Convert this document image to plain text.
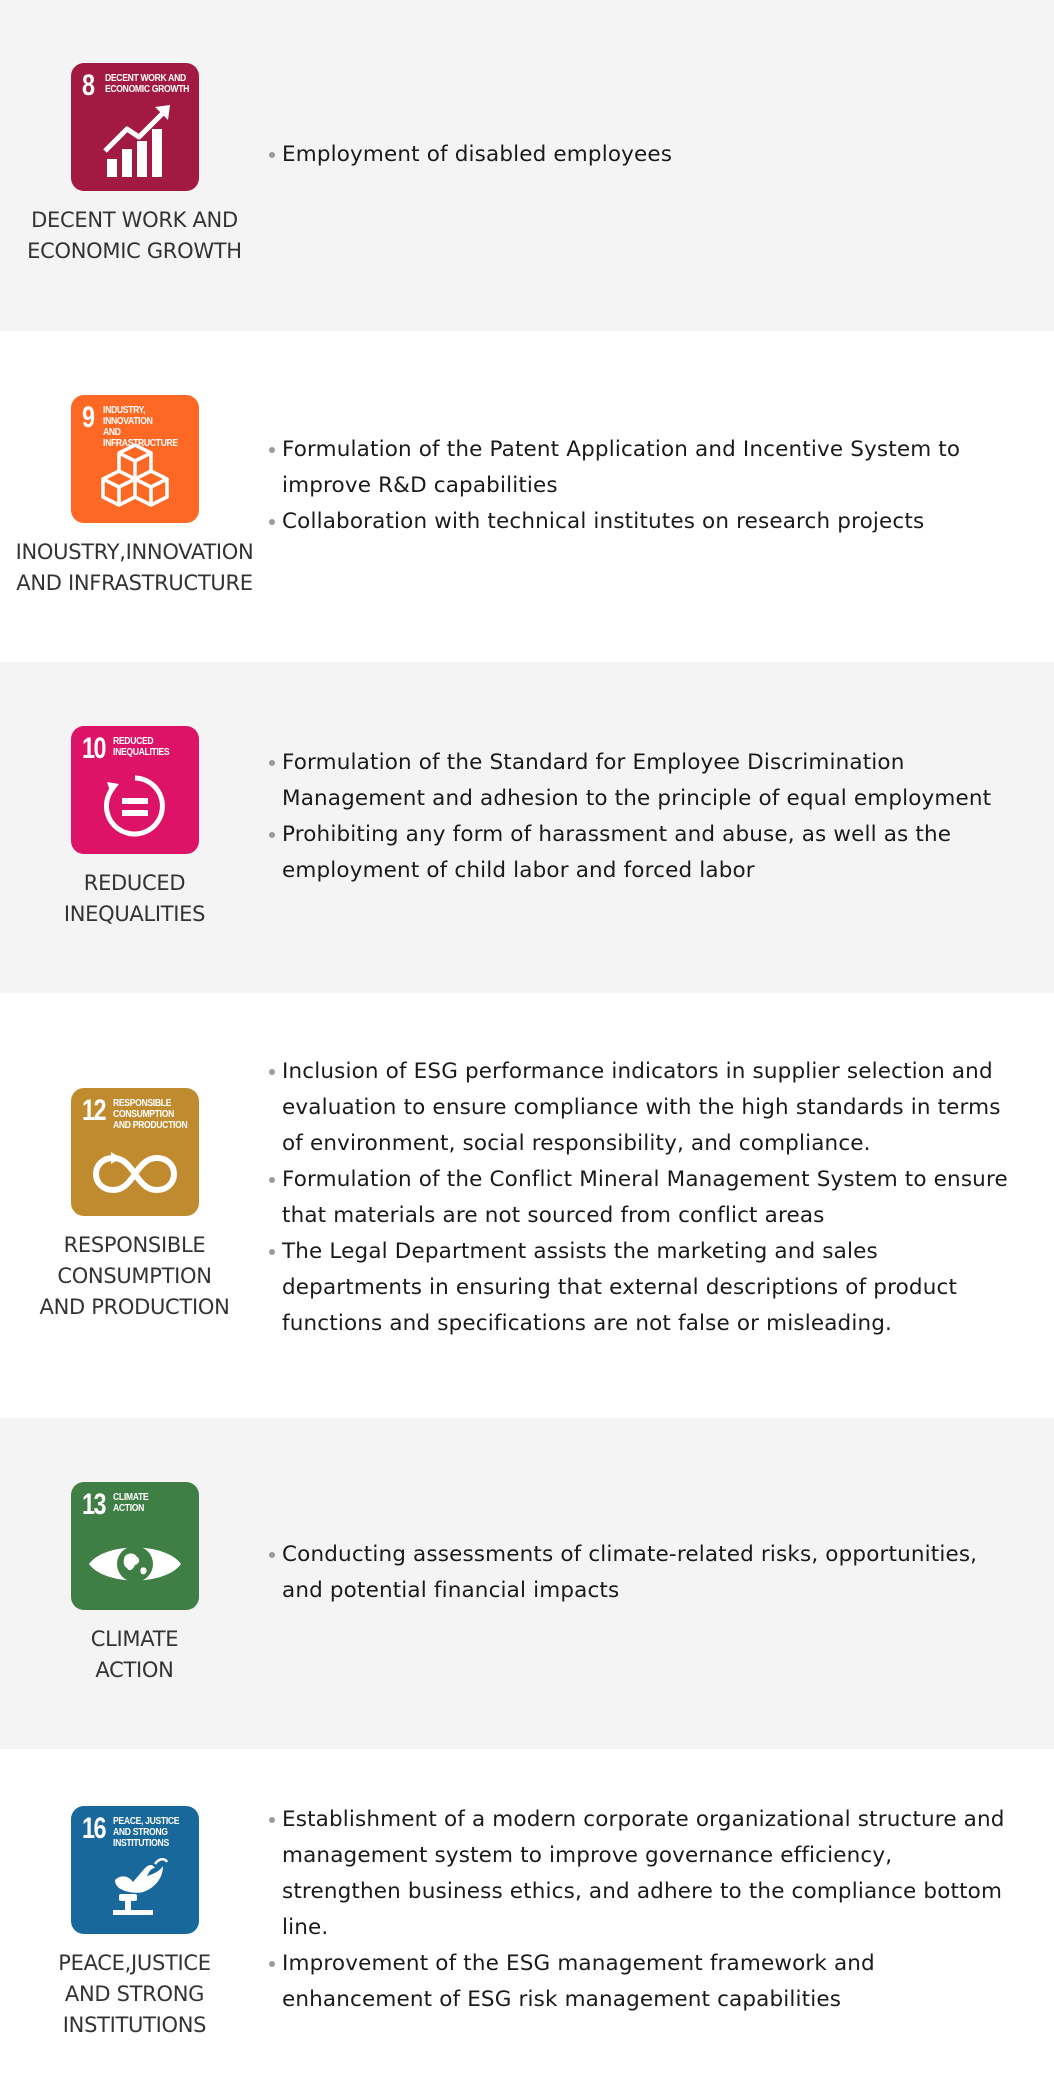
8 DECENT WORK AND
ECONOMIC GROWTH
DECENT WORK AND
ECONOMIC GROWTH
Employment of disabled employees
9 INDUSTRY, INNOVATION
AND INFRASTRUCTURE
INOUSTRY,INNOVATION
AND INFRASTRUCTURE
Formulation of the Patent Application and Incentive System to improve R&D capabilities
Collaboration with technical institutes on research projects
10 REDUCED
INEQUALITIES
REDUCED
INEQUALITIES
Formulation of the Standard for Employee Discrimination Management and adhesion to the principle of equal employment
Prohibiting any form of harassment and abuse, as well as the employment of child labor and forced labor
12 RESPONSIBLE
CONSUMPTION
AND PRODUCTION
RESPONSIBLE
CONSUMPTION
AND PRODUCTION
Inclusion of ESG performance indicators in supplier selection and evaluation to ensure compliance with the high standards in terms of environment, social responsibility, and compliance.
Formulation of the Conflict Mineral Management System to ensure that materials are not sourced from conflict areas
The Legal Department assists the marketing and sales departments in ensuring that external descriptions of product functions and specifications are not false or misleading.
13 CLIMATE
ACTION
CLIMATE
ACTION
Conducting assessments of climate-related risks, opportunities, and potential financial impacts
16 PEACE, JUSTICE
AND STRONG
INSTITUTIONS
PEACE,JUSTICE
AND STRONG
INSTITUTIONS
Establishment of a modern corporate organizational structure and management system to improve governance efficiency, strengthen business ethics, and adhere to the compliance bottom line.
Improvement of the ESG management framework and enhancement of ESG risk management capabilities
